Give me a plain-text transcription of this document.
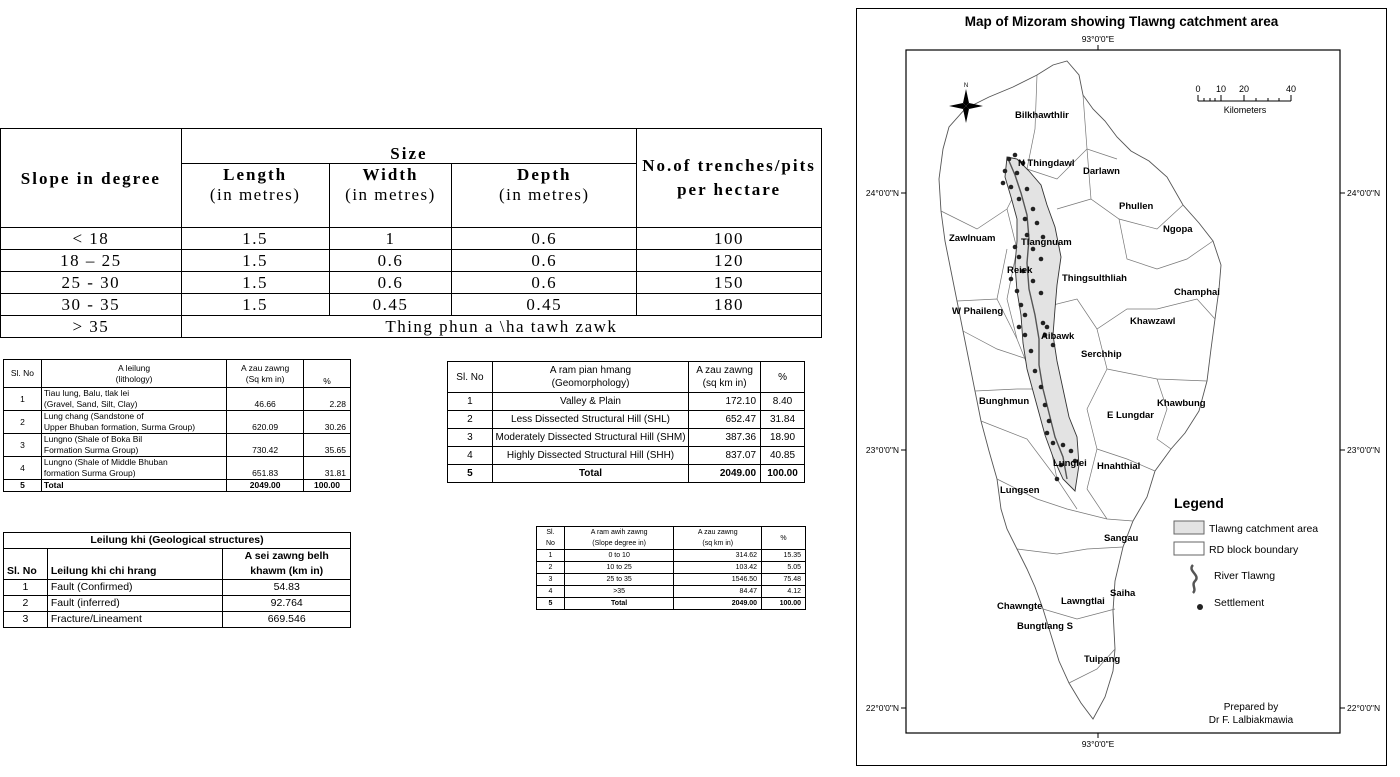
Slope in degree	Size			No.of trenches/pits per hectare
	Length	Width	Depth	
	(in metres)	(in metres)	(in metres)	
< 18	1.5	1	0.6	100
18 – 25	1.5	0.6	0.6	120
25 - 30	1.5	0.6	0.6	150
30 - 35	1.5	0.45	0.45	180
> 35	Thing phun a \ha tawh zawk			
Sl. No	A leilung
(lithology)	A zau zawng
(Sq km in)	%
1	Tiau lung, Balu, tlak lei
(Gravel, Sand, Silt, Clay)	46.66	2.28
2	Lung chang (Sandstone of
Upper Bhuban formation, Surma Group)	620.09	30.26
3	Lungno (Shale of Boka Bil
Formation Surma Group)	730.42	35.65
4	Lungno (Shale of Middle Bhuban
formation Surma Group)	651.83	31.81
5	Total	2049.00	100.00
Leilung khi (Geological structures)		
Sl. No	Leilung khi chi hrang	A sei zawng belh
khawm (km in)
1	Fault (Confirmed)	54.83
2	Fault (inferred)	92.764
3	Fracture/Lineament	669.546
Sl. No	A ram pian hmang
(Geomorphology)	A zau zawng
(sq km in)	%
1	Valley & Plain	172.10	8.40
2	Less Dissected Structural Hill (SHL)	652.47	31.84
3	Moderately Dissected Structural Hill (SHM)	387.36	18.90
4	Highly Dissected Structural Hill (SHH)	837.07	40.85
5	Total	2049.00	100.00
Sl.
No	A ram awih zawng
(Slope degree in)	A zau zawng
(sq km in)	%
1	0 to 10	314.62	15.35
2	10 to 25	103.42	5.05
3	25 to 35	1546.50	75.48
4	>35	84.47	4.12
5	Total	2049.00	100.00
Map of Mizoram showing Tlawng catchment area
93°0'0"E
93°0'0"E
24°0'0"N
23°0'0"N
22°0'0"N
24°0'0"N
23°0'0"N
22°0'0"N
Bilkhawthlir
N Thingdawl
Darlawn
Phullen
Ngopa
Zawlnuam	Tlangnuam
Reiek
Thingsulthliah
Champhai
W Phaileng
Khawzawl
Aibawk
Serchhip
Bunghmun
E Lungdar
Khawbung
Lunglei Hnahthial
Lungsen
Sangau
Chawngte Lawngtlai
Saiha
Bungtlang S
Tuipang
N	0 10 20	40
Kilometers
Legend
Tlawng catchment area
RD block boundary
River Tlawng
Settlement
Prepared by
Dr F. Lalbiakmawia
